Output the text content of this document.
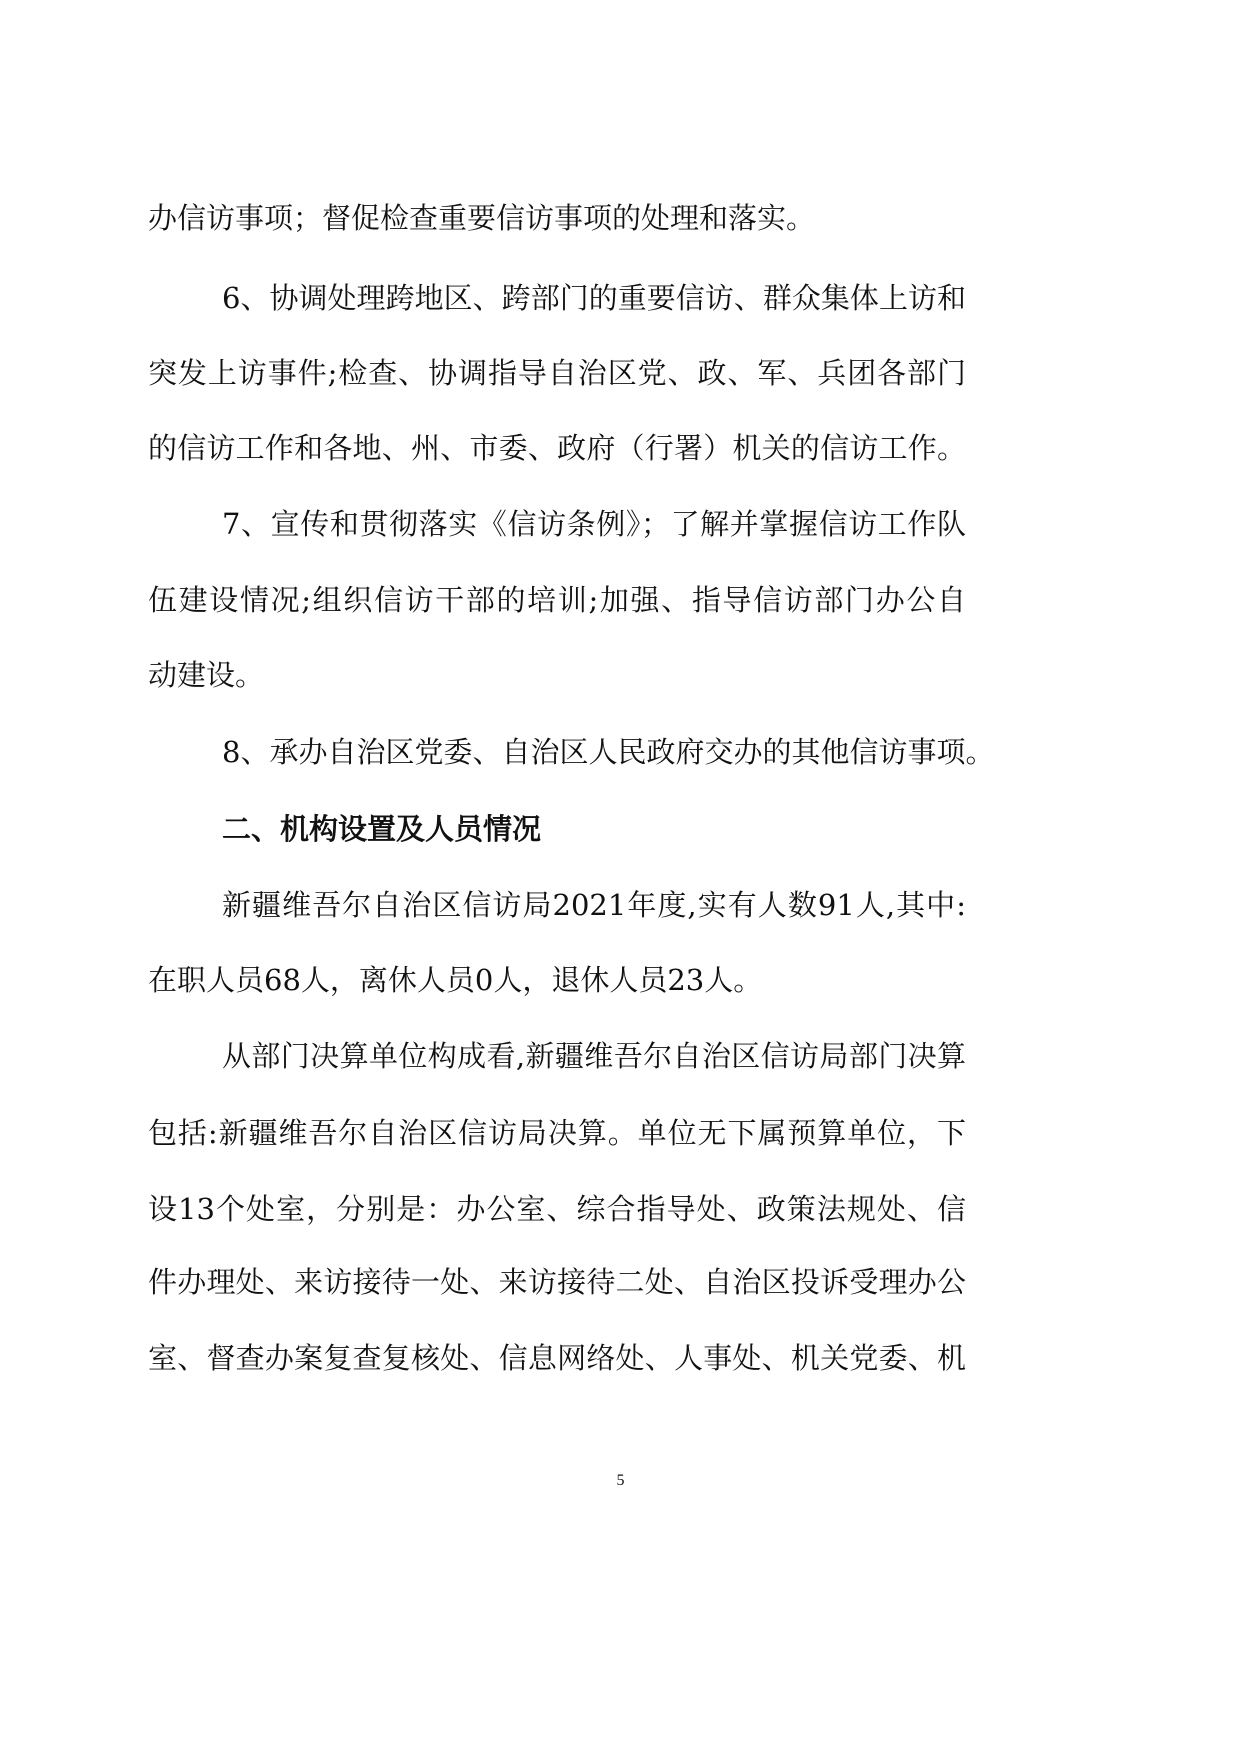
办信访事项；督促检查重要信访事项的处理和落实。
6、协调处理跨地区、跨部门的重要信访、群众集体上访和
突发上访事件;检查、协调指导自治区党、政、军、兵团各部门
的信访工作和各地、州、市委、政府（行署）机关的信访工作。
7、宣传和贯彻落实《信访条例》；了解并掌握信访工作队
伍建设情况;组织信访干部的培训;加强、指导信访部门办公自
动建设。
8、承办自治区党委、自治区人民政府交办的其他信访事项。
二、机构设置及人员情况
新疆维吾尔自治区信访局2021年度,实有人数91人,其中:
在职人员68人，离休人员0人，退休人员23人。
从部门决算单位构成看,新疆维吾尔自治区信访局部门决算
包括:新疆维吾尔自治区信访局决算。单位无下属预算单位，下
设13个处室，分别是：办公室、综合指导处、政策法规处、信
件办理处、来访接待一处、来访接待二处、自治区投诉受理办公
室、督查办案复查复核处、信息网络处、人事处、机关党委、机
5
